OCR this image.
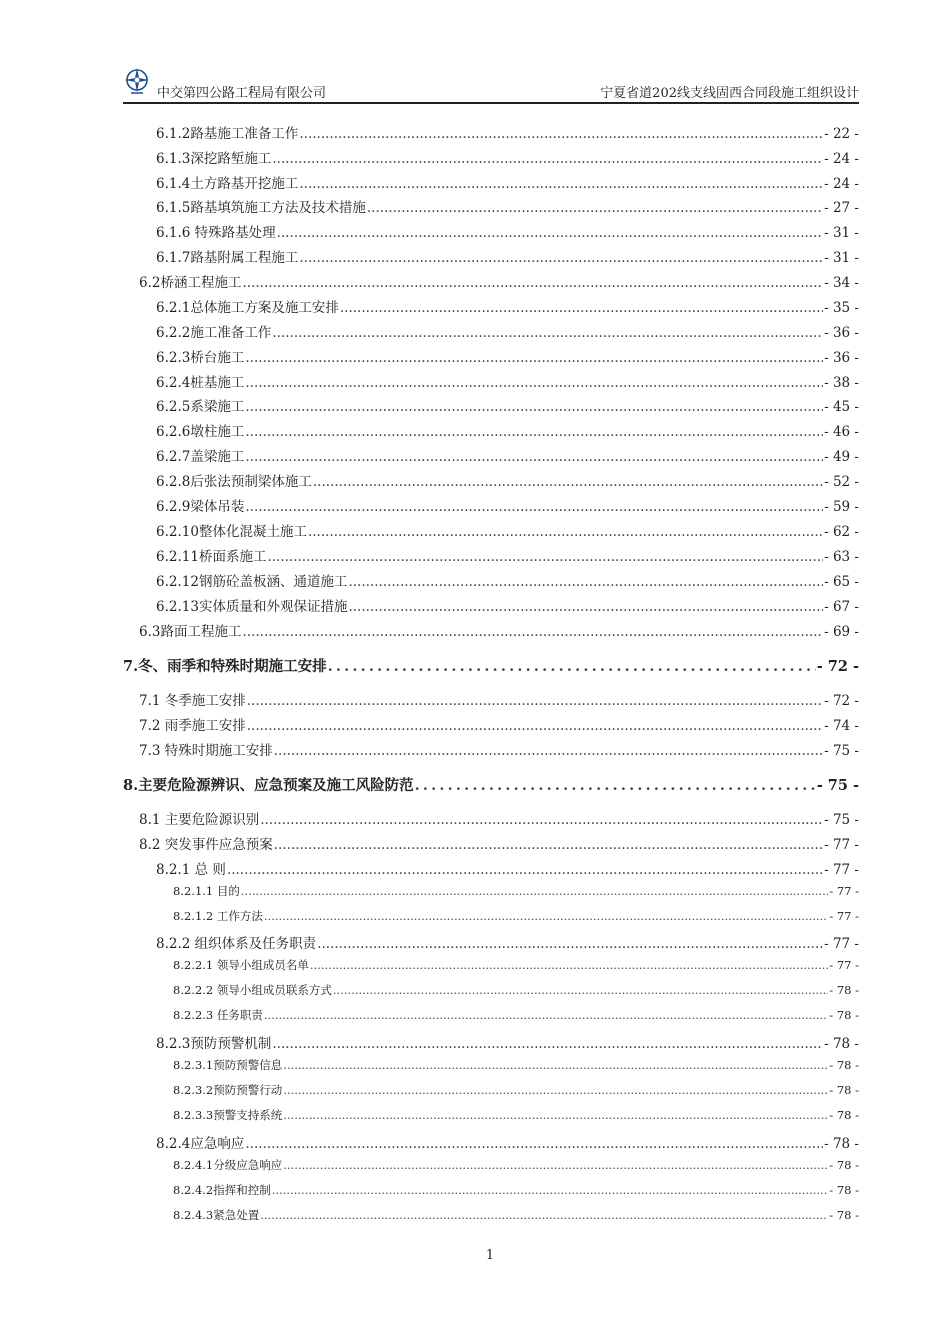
中交第四公路工程局有限公司	宁夏省道202线支线固西合同段施工组织设计
6.1.2路基施工准备工作 .....	- 22 -
6.1.3深挖路堑施工 .....	- 24 -
6.1.4土方路基开挖施工 .....	- 24 -
6.1.5路基填筑施工方法及技术措施 .....	- 27 -
6.1.6 特殊路基处理 .....	- 31 -
6.1.7路基附属工程施工 .....	- 31 -
6.2桥涵工程施工 .....	- 34 -
6.2.1总体施工方案及施工安排 .....	- 35 -
6.2.2施工准备工作 .....	- 36 -
6.2.3桥台施工 .....	- 36 -
6.2.4桩基施工 .....	- 38 -
6.2.5系梁施工 .....	- 45 -
6.2.6墩柱施工 .....	- 46 -
6.2.7盖梁施工 .....	- 49 -
6.2.8后张法预制梁体施工 .....	- 52 -
6.2.9梁体吊装 .....	- 59 -
6.2.10整体化混凝土施工 .....	- 62 -
6.2.11桥面系施工 .....	- 63 -
6.2.12钢筋砼盖板涵、通道施工 .....	- 65 -
6.2.13实体质量和外观保证措施 .....	- 67 -
6.3路面工程施工 .....	- 69 -
7.冬、雨季和特殊时期施工安排 .....	- 72 -
7.1 冬季施工安排 .....	- 72 -
7.2 雨季施工安排 .....	- 74 -
7.3 特殊时期施工安排 .....	- 75 -
8.主要危险源辨识、应急预案及施工风险防范 .....	- 75 -
8.1 主要危险源识别 .....	- 75 -
8.2 突发事件应急预案 .....	- 77 -
8.2.1 总 则 .....	- 77 -
8.2.1.1 目的 .....	- 77 -
8.2.1.2 工作方法 .....	- 77 -
8.2.2 组织体系及任务职责 .....	- 77 -
8.2.2.1 领导小组成员名单 .....	- 77 -
8.2.2.2 领导小组成员联系方式 .....	- 78 -
8.2.2.3 任务职责 .....	- 78 -
8.2.3预防预警机制 .....	- 78 -
8.2.3.1预防预警信息 .....	- 78 -
8.2.3.2预防预警行动 .....	- 78 -
8.2.3.3预警支持系统 .....	- 78 -
8.2.4应急响应 .....	- 78 -
8.2.4.1分级应急响应 .....	- 78 -
8.2.4.2指挥和控制 .....	- 78 -
8.2.4.3紧急处置 .....	- 78 -
1
